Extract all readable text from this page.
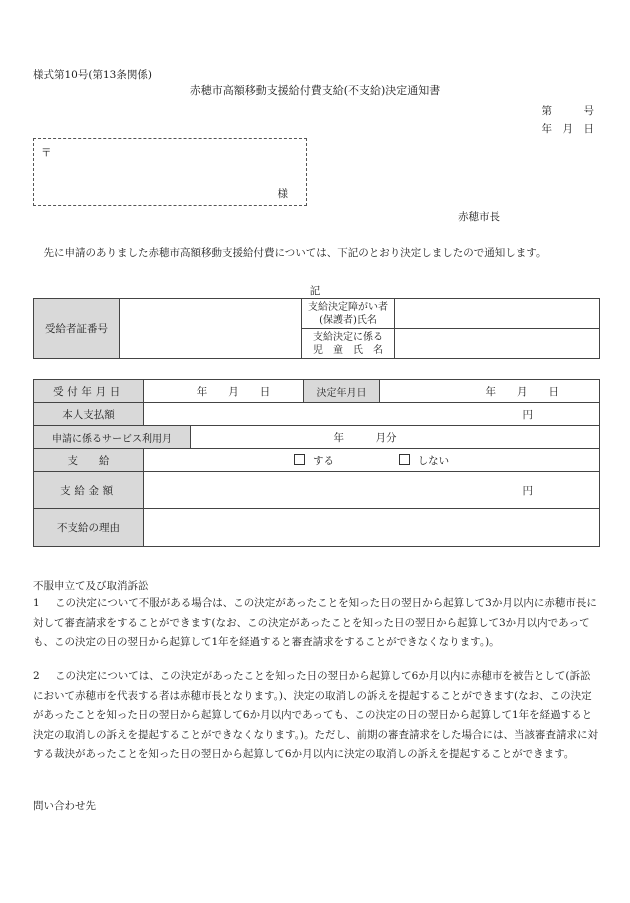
様式第10号(第13条関係)
赤穂市高額移動支援給付費支給(不支給)決定通知書
第　　　号
年　月　日
〒
様
赤穂市長
先に申請のありました赤穂市高額移動支援給付費については、下記のとおり決定しましたので通知します。
記
受給者証番号		支給決定障がい者
(保護者)氏名	

		支給決定に係る
児　童　氏　名	

受付年月日	年　　月　　日		決定年月日	年　　月　　日
本人支払額	円			
申請に係るサービス利用月		年　　　月分		
支　　給	する しない			
支給金額	円			
不支給の理由				
不服申立て及び取消訴訟
1 この決定について不服がある場合は、この決定があったことを知った日の翌日から起算して3か月以内に赤穂市長に対して審査請求をすることができます(なお、この決定があったことを知った日の翌日から起算して3か月以内であっても、この決定の日の翌日から起算して1年を経過すると審査請求をすることができなくなります。)。
2 この決定については、この決定があったことを知った日の翌日から起算して6か月以内に赤穂市を被告として(訴訟において赤穂市を代表する者は赤穂市長となります。)、決定の取消しの訴えを提起することができます(なお、この決定があったことを知った日の翌日から起算して6か月以内であっても、この決定の日の翌日から起算して1年を経過すると決定の取消しの訴えを提起することができなくなります。)。ただし、前期の審査請求をした場合には、当該審査請求に対する裁決があったことを知った日の翌日から起算して6か月以内に決定の取消しの訴えを提起することができます。
問い合わせ先
